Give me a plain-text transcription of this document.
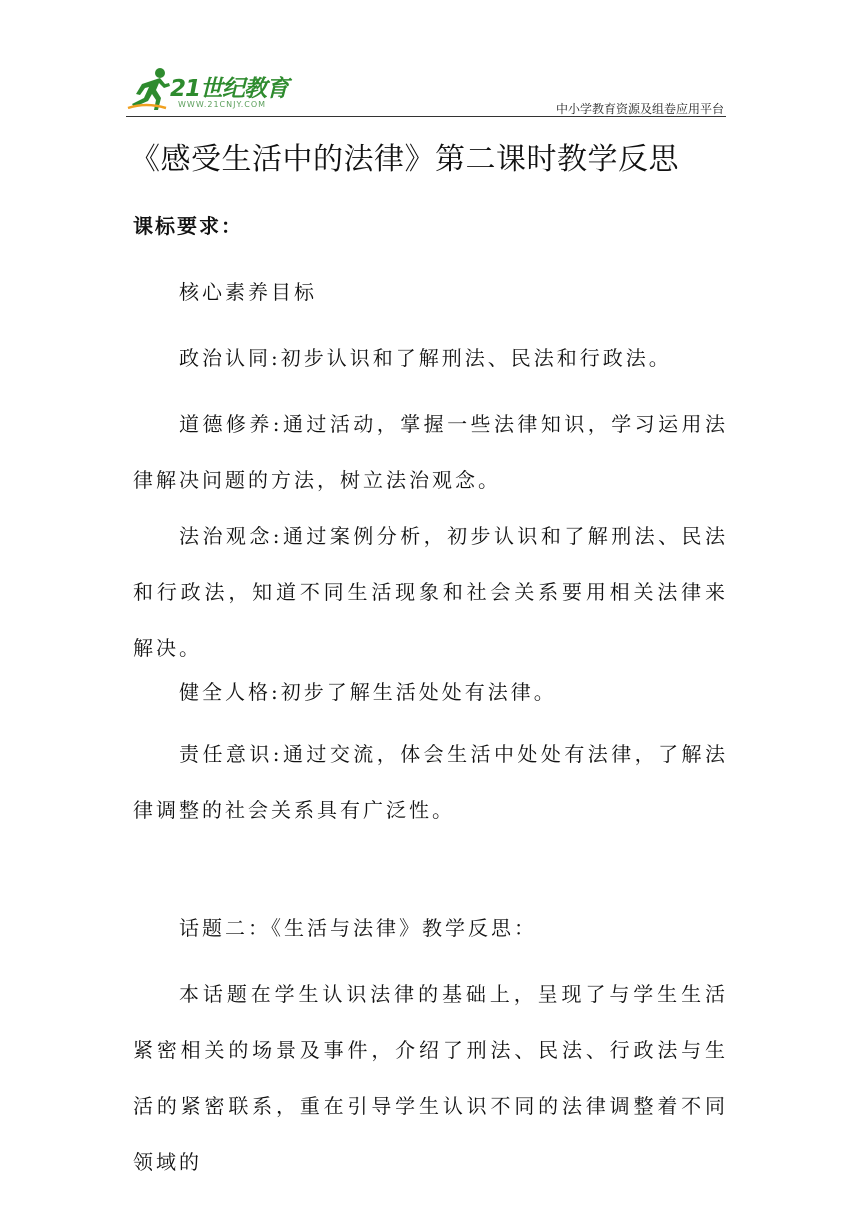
21世纪教育
WWW.21CNJY.COM	中小学教育资源及组卷应用平台
《感受生活中的法律》第二课时教学反思
课标要求：

核心素养目标

政治认同:初步认识和了解刑法、民法和行政法。

道德修养:通过活动，掌握一些法律知识，学习运用法律解决问题的方法，树立法治观念。

法治观念:通过案例分析，初步认识和了解刑法、民法和行政法，知道不同生活现象和社会关系要用相关法律来解决。

健全人格:初步了解生活处处有法律。

责任意识:通过交流，体会生活中处处有法律，了解法律调整的社会关系具有广泛性。

话题二：《生活与法律》教学反思：

本话题在学生认识法律的基础上，呈现了与学生生活紧密相关的场景及事件，介绍了刑法、民法、行政法与生活的紧密联系，重在引导学生认识不同的法律调整着不同领域的
